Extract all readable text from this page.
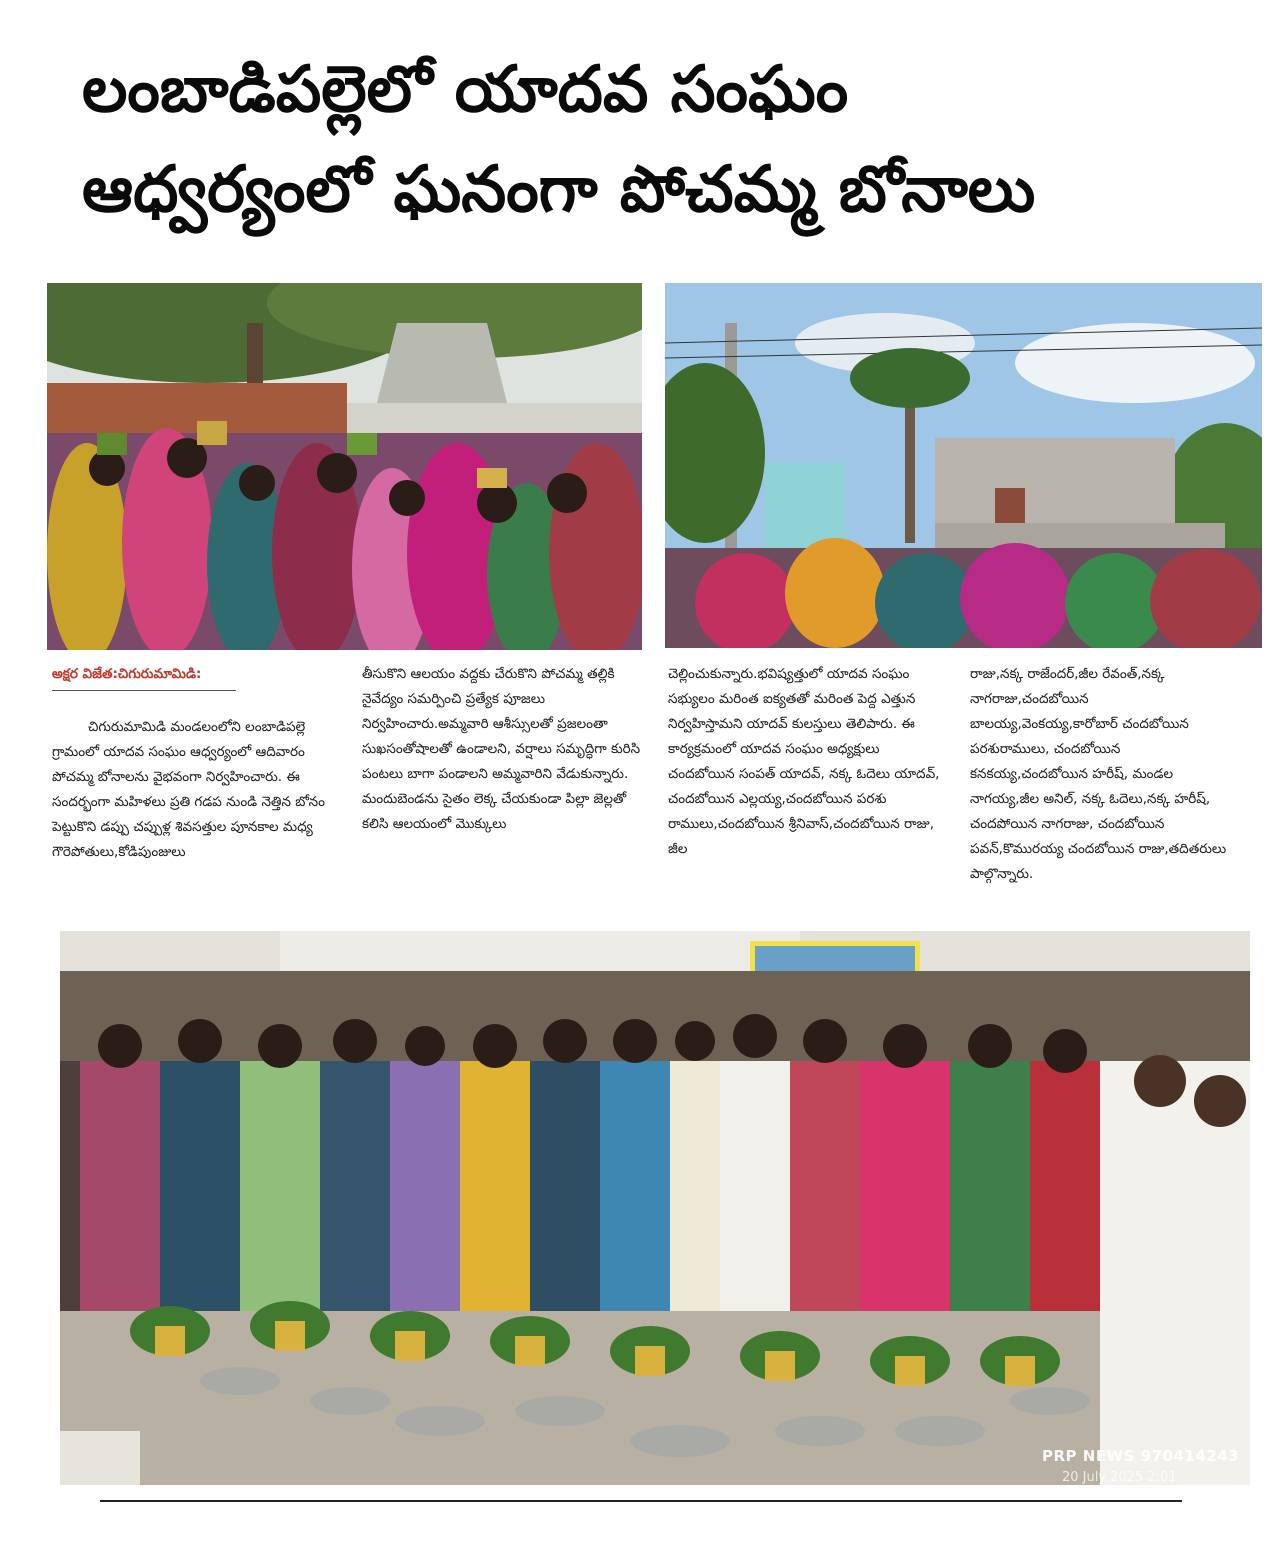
లంబాడిపల్లెలో యాదవ సంఘం
ఆధ్వర్యంలో ఘనంగా పోచమ్మ బోనాలు
అక్షర విజేత:చిగురుమామిడి:

చిగురుమామిడి మండలంలోని లంబాడిపల్లె గ్రామంలో యాదవ సంఘం ఆధ్వర్యంలో ఆదివారం పోచమ్మ బోనాలను వైభవంగా నిర్వహించారు. ఈ సందర్భంగా మహిళలు ప్రతి గడప నుండి నెత్తిన బోనం పెట్టుకొని డప్పు చప్పుళ్ల శివసత్తుల పూనకాల మధ్య గౌరెపోతులు,కోడిపుంజులు

తీసుకొని ఆలయం వద్దకు చేరుకొని పోచమ్మ తల్లికి నైవేద్యం సమర్పించి ప్రత్యేక పూజలు నిర్వహించారు.అమ్మవారి ఆశీస్సులతో ప్రజలంతా సుఖసంతోషాలతో ఉండాలని, వర్షాలు సమృద్ధిగా కురిసి పంటలు బాగా పండాలని అమ్మవారిని వేడుకున్నారు. మందుబెండను సైతం లెక్క చేయకుండా పిల్లా జెల్లతో కలిసి ఆలయంలో మొక్కులు

చెల్లించుకున్నారు.భవిష్యత్తులో యాదవ సంఘం సభ్యులం మరింత ఐక్యతతో మరింత పెద్ద ఎత్తున నిర్వహిస్తామని యాదవ్ కులస్తులు తెలిపారు. ఈ కార్యక్రమంలో యాదవ సంఘం అధ్యక్షులు చందబోయిన సంపత్ యాదవ్, నక్క ఓదెలు యాదవ్, చందబోయిన ఎల్లయ్య,చందబోయిన పరశు రాములు,చందబోయిన శ్రీనివాస్,చందబోయిన రాజు, జీల

రాజు,నక్క రాజేందర్,జీల రేవంత్,నక్క నాగరాజు,చందబోయిన బాలయ్య,వెంకయ్య,కారోబార్ చందబోయిన పరశురాములు, చందబోయిన కనకయ్య,చందబోయిన హరీష్, మండల నాగయ్య,జీల అనిల్, నక్క ఓదెలు,నక్క హరీష్, చందపోయిన నాగరాజు, చందబోయిన పవన్,కొమురయ్య చందబోయిన రాజు,తదితరులు పాల్గొన్నారు.

PRP NEWS 970414243
20 July 2025 2:01
